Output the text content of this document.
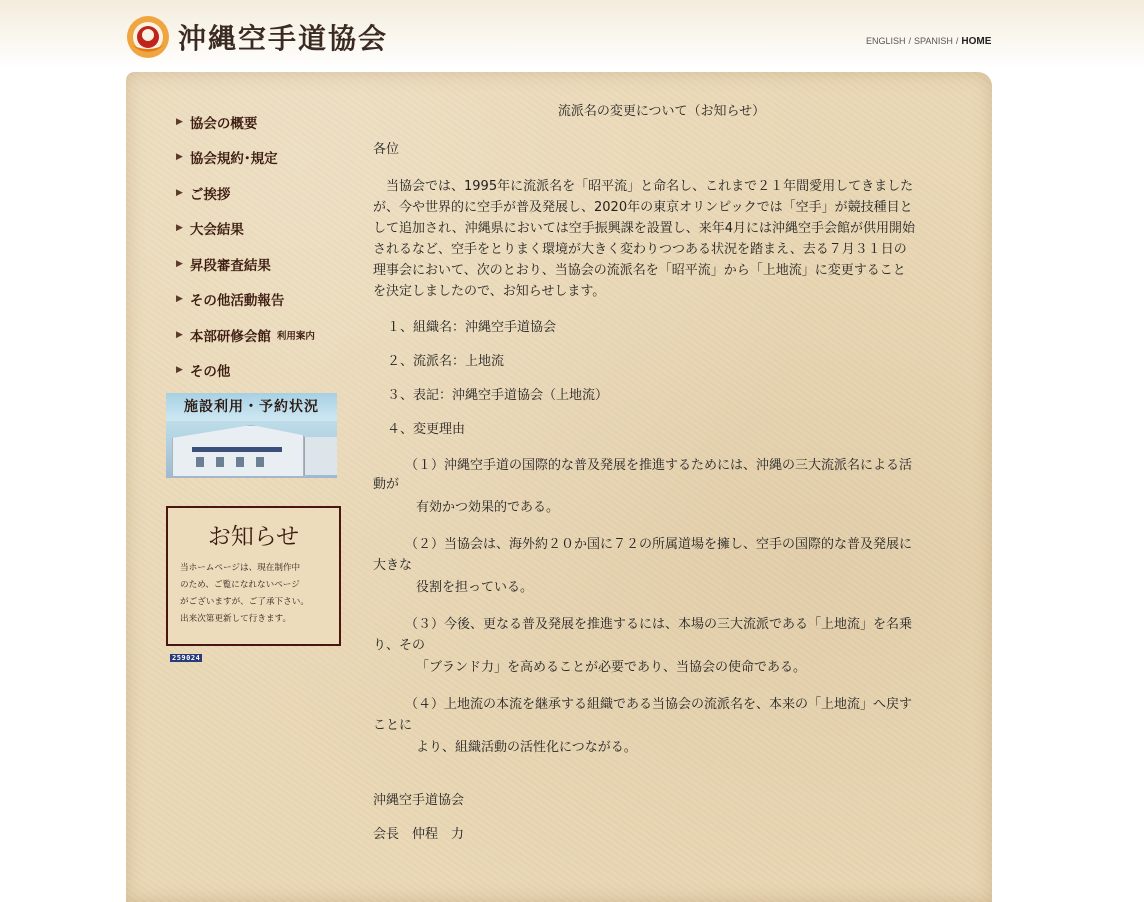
沖縄空手道協会	ENGLISH / SPANISH / HOME
▶ 協会の概要
▶ 協会規約･規定
▶ ご挨拶
▶ 大会結果
▶ 昇段審査結果
▶ その他活動報告
▶ 本部研修会館 利用案内
▶ その他
施設利用・予約状況
お知らせ
当ホームページは、現在制作中
のため、ご覧になれないページ
がございますが、ご了承下さい。
出来次第更新して行きます。
259024
流派名の変更について（お知らせ）
各位
　当協会では、1995年に流派名を「昭平流」と命名し、これまで２１年間愛用してきました
が、今や世界的に空手が普及発展し、2020年の東京オリンピックでは「空手」が競技種目と
して追加され、沖縄県においては空手振興課を設置し、来年4月には沖縄空手会館が供用開始
されるなど、空手をとりまく環境が大きく変わりつつある状況を踏まえ、去る７月３１日の
理事会において、次のとおり、当協会の流派名を「昭平流」から「上地流」に変更すること
を決定しましたので、お知らせします。
１、組織名：沖縄空手道協会
２、流派名：上地流
３、表記：沖縄空手道協会（上地流）
４、変更理由
（１）沖縄空手道の国際的な普及発展を推進するためには、沖縄の三大流派名による活
動が
有効かつ効果的である。
（２）当協会は、海外約２０か国に７２の所属道場を擁し、空手の国際的な普及発展に
大きな
役割を担っている。
（３）今後、更なる普及発展を推進するには、本場の三大流派である「上地流」を名乗
り、その
「ブランド力」を高めることが必要であり、当協会の使命である。
（４）上地流の本流を継承する組織である当協会の流派名を、本来の「上地流」へ戻す
ことに
より、組織活動の活性化につながる。
沖縄空手道協会
会長　仲程　力
